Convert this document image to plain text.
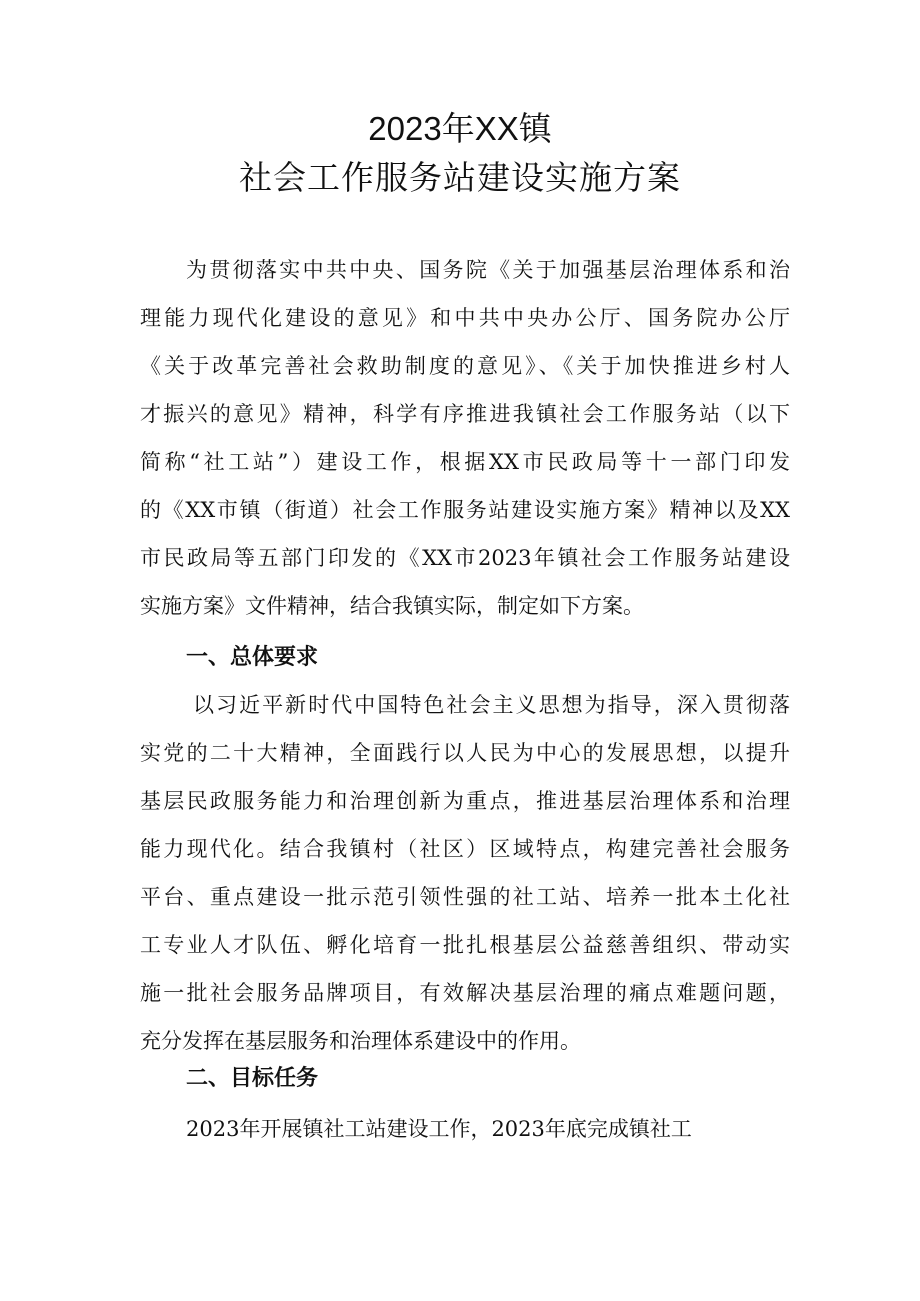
2023年XX镇
社会工作服务站建设实施方案
为贯彻落实中共中央、国务院《关于加强基层治理体系和治
理能力现代化建设的意见》和中共中央办公厅、国务院办公厅
《关于改革完善社会救助制度的意见》、《关于加快推进乡村人
才振兴的意见》精神，科学有序推进我镇社会工作服务站（以下
简称“社工站”）建设工作，根据XX市民政局等十一部门印发
的《XX市镇（街道）社会工作服务站建设实施方案》精神以及XX
市民政局等五部门印发的《XX市2023年镇社会工作服务站建设
实施方案》文件精神，结合我镇实际，制定如下方案。
一、总体要求
以习近平新时代中国特色社会主义思想为指导，深入贯彻落
实党的二十大精神，全面践行以人民为中心的发展思想，以提升
基层民政服务能力和治理创新为重点，推进基层治理体系和治理
能力现代化。结合我镇村（社区）区域特点，构建完善社会服务
平台、重点建设一批示范引领性强的社工站、培养一批本土化社
工专业人才队伍、孵化培育一批扎根基层公益慈善组织、带动实
施一批社会服务品牌项目，有效解决基层治理的痛点难题问题，
充分发挥在基层服务和治理体系建设中的作用。
二、目标任务
2023年开展镇社工站建设工作，2023年底完成镇社工
